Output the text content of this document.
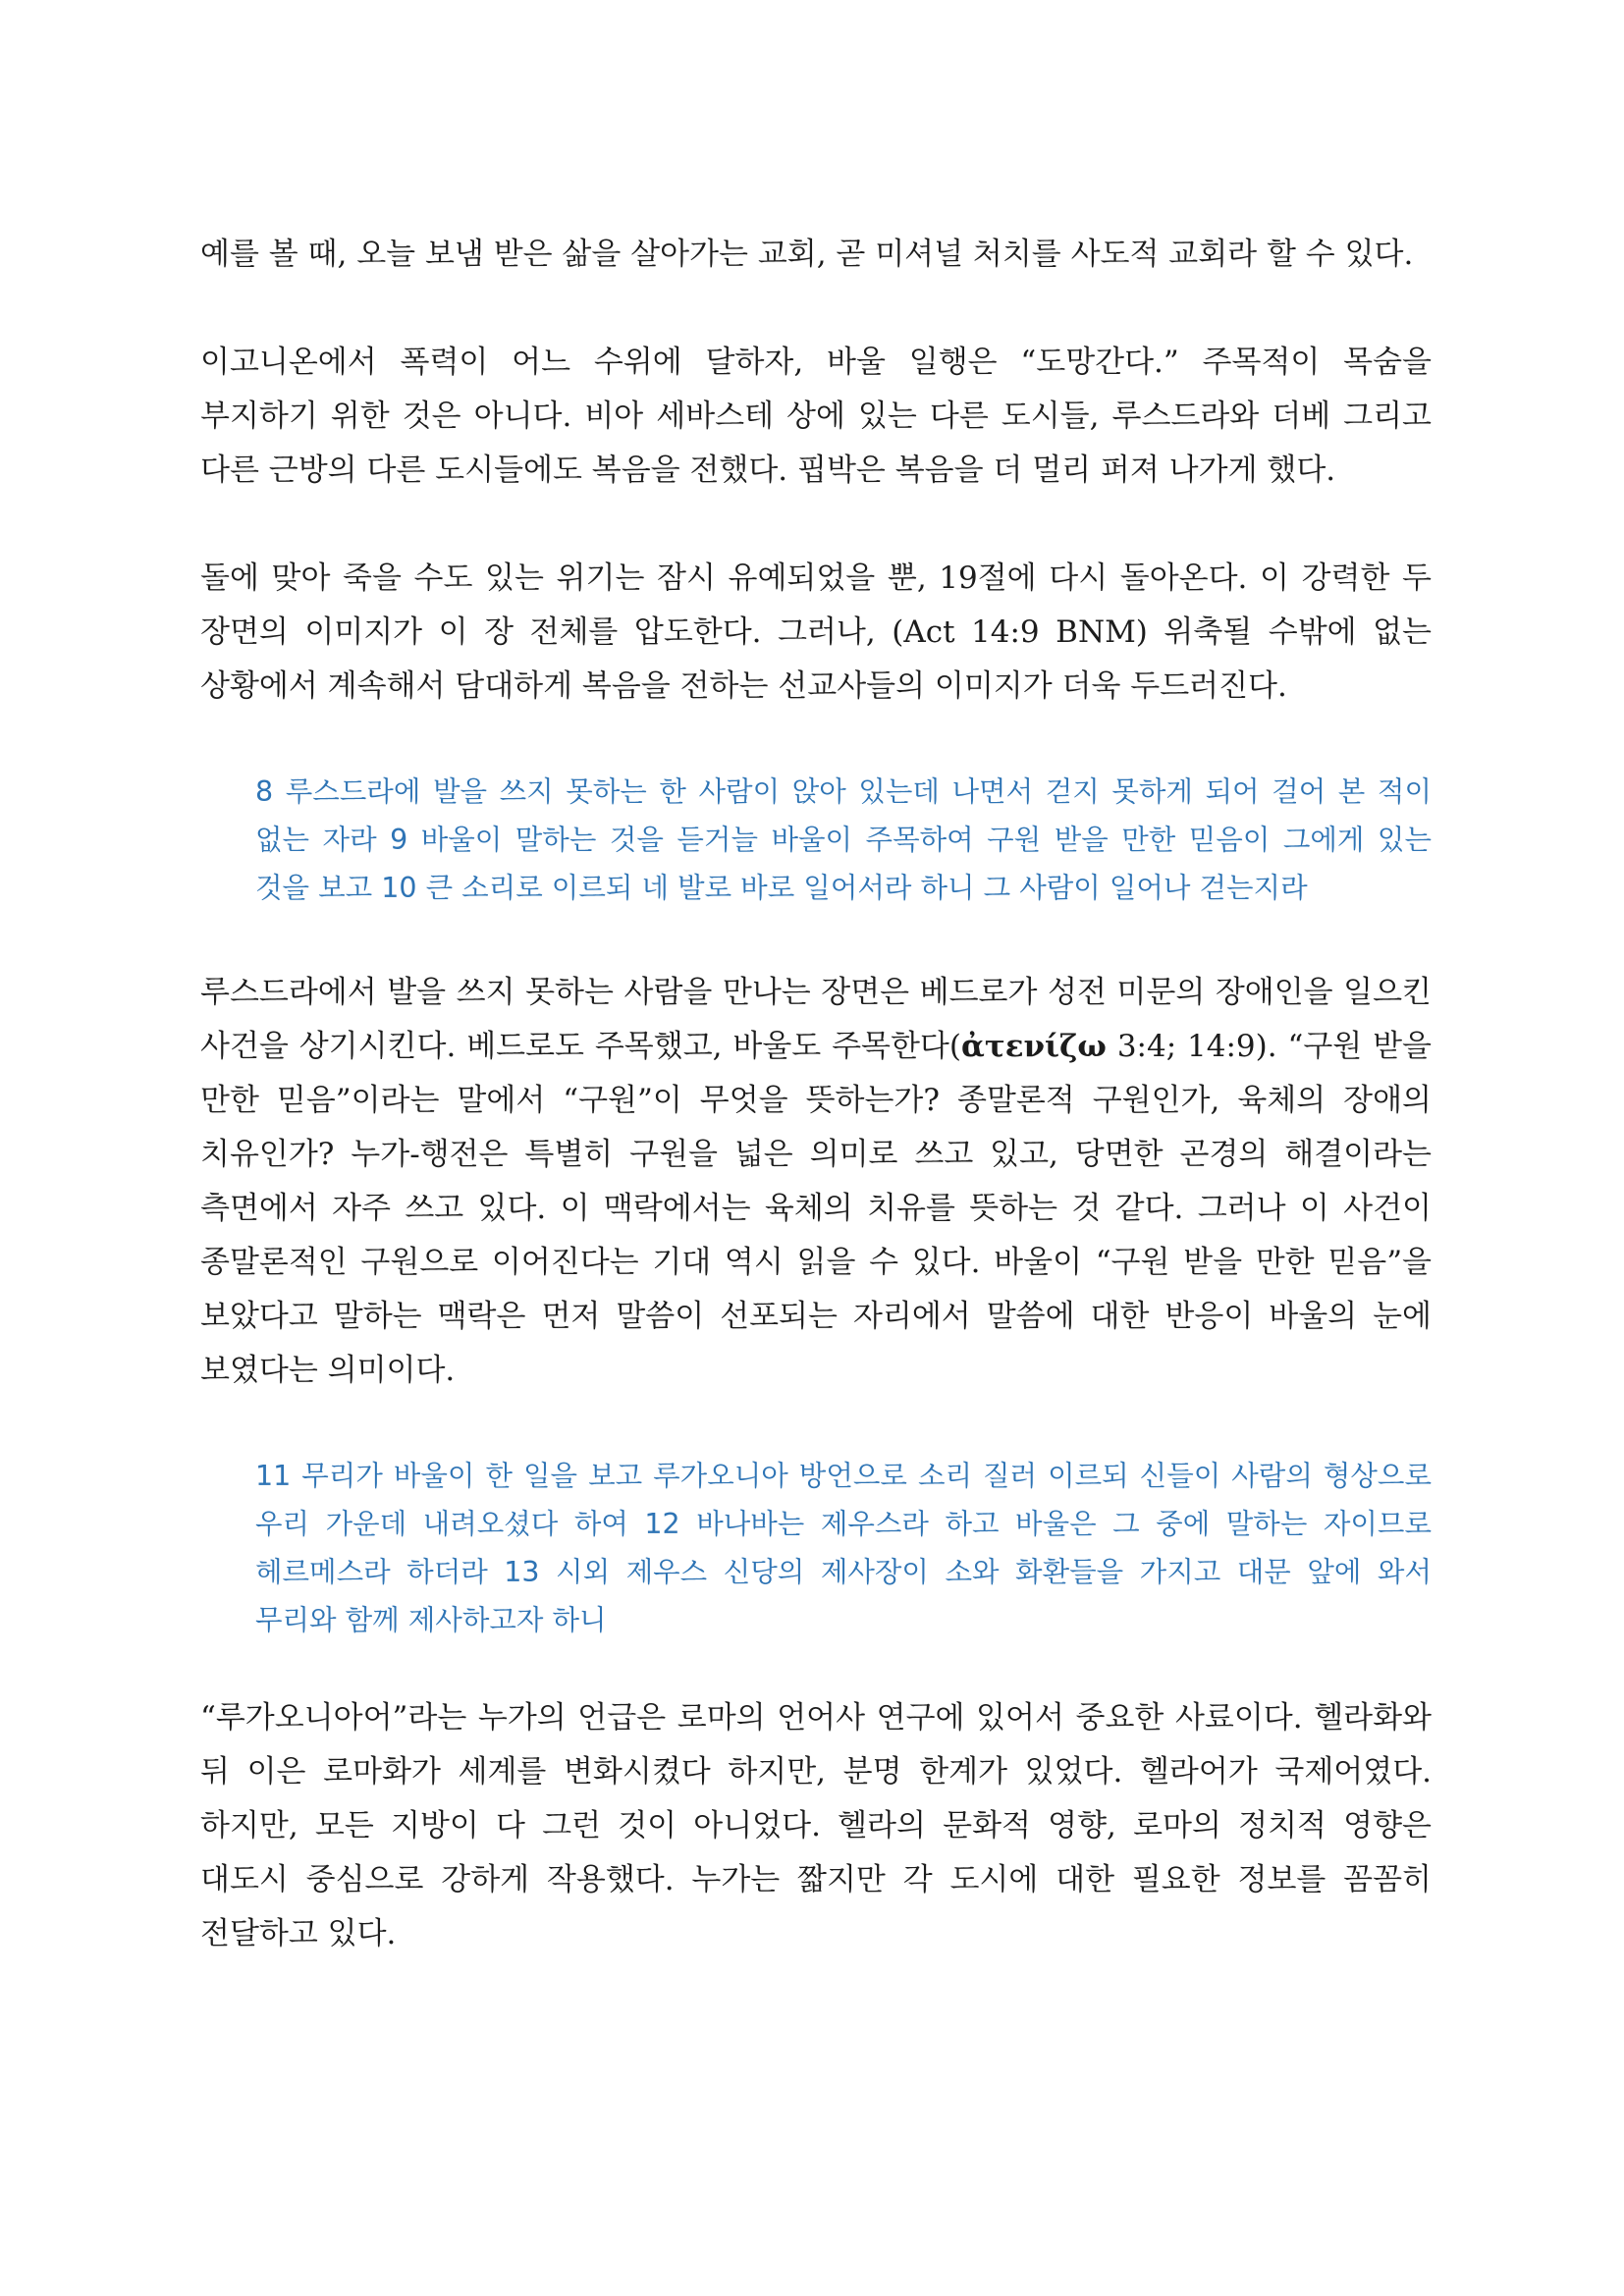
예를 볼 때, 오늘 보냄 받은 삶을 살아가는 교회, 곧 미셔널 처치를 사도적 교회라 할 수 있다.

이고니온에서 폭력이 어느 수위에 달하자, 바울 일행은 “도망간다.” 주목적이 목숨을 부지하기 위한 것은 아니다. 비아 세바스테 상에 있는 다른 도시들, 루스드라와 더베 그리고 다른 근방의 다른 도시들에도 복음을 전했다. 핍박은 복음을 더 멀리 퍼져 나가게 했다.

돌에 맞아 죽을 수도 있는 위기는 잠시 유예되었을 뿐, 19절에 다시 돌아온다. 이 강력한 두 장면의 이미지가 이 장 전체를 압도한다. 그러나, (Act 14:9 BNM) 위축될 수밖에 없는 상황에서 계속해서 담대하게 복음을 전하는 선교사들의 이미지가 더욱 두드러진다.

8 루스드라에 발을 쓰지 못하는 한 사람이 앉아 있는데 나면서 걷지 못하게 되어 걸어 본 적이 없는 자라 9 바울이 말하는 것을 듣거늘 바울이 주목하여 구원 받을 만한 믿음이 그에게 있는 것을 보고 10 큰 소리로 이르되 네 발로 바로 일어서라 하니 그 사람이 일어나 걷는지라

루스드라에서 발을 쓰지 못하는 사람을 만나는 장면은 베드로가 성전 미문의 장애인을 일으킨 사건을 상기시킨다. 베드로도 주목했고, 바울도 주목한다(ἀτενίζω 3:4; 14:9). “구원 받을 만한 믿음”이라는 말에서 “구원”이 무엇을 뜻하는가? 종말론적 구원인가, 육체의 장애의 치유인가? 누가-행전은 특별히 구원을 넓은 의미로 쓰고 있고, 당면한 곤경의 해결이라는 측면에서 자주 쓰고 있다. 이 맥락에서는 육체의 치유를 뜻하는 것 같다. 그러나 이 사건이 종말론적인 구원으로 이어진다는 기대 역시 읽을 수 있다. 바울이 “구원 받을 만한 믿음”을 보았다고 말하는 맥락은 먼저 말씀이 선포되는 자리에서 말씀에 대한 반응이 바울의 눈에 보였다는 의미이다.

11 무리가 바울이 한 일을 보고 루가오니아 방언으로 소리 질러 이르되 신들이 사람의 형상으로 우리 가운데 내려오셨다 하여 12 바나바는 제우스라 하고 바울은 그 중에 말하는 자이므로 헤르메스라 하더라 13 시외 제우스 신당의 제사장이 소와 화환들을 가지고 대문 앞에 와서 무리와 함께 제사하고자 하니

“루가오니아어”라는 누가의 언급은 로마의 언어사 연구에 있어서 중요한 사료이다. 헬라화와 뒤 이은 로마화가 세계를 변화시켰다 하지만, 분명 한계가 있었다. 헬라어가 국제어였다. 하지만, 모든 지방이 다 그런 것이 아니었다. 헬라의 문화적 영향, 로마의 정치적 영향은 대도시 중심으로 강하게 작용했다. 누가는 짧지만 각 도시에 대한 필요한 정보를 꼼꼼히 전달하고 있다.
